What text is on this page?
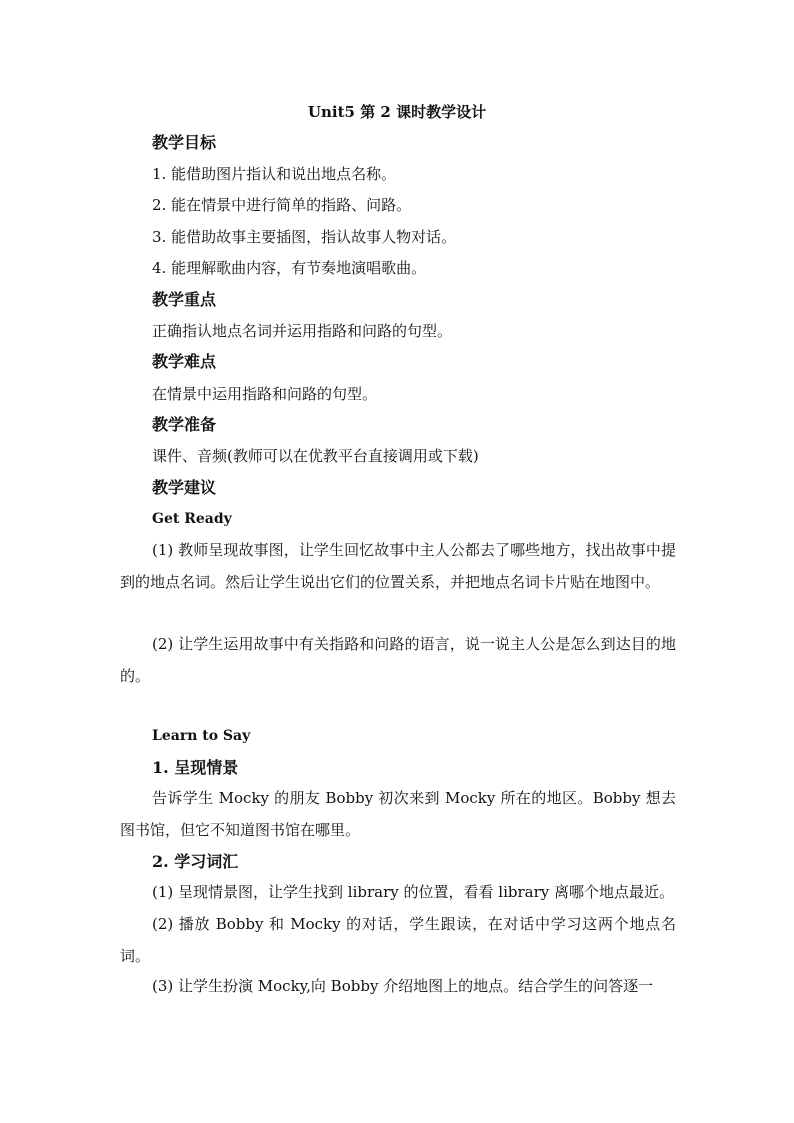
Unit5 第 2 课时教学设计
教学目标
1. 能借助图片指认和说出地点名称。
2. 能在情景中进行简单的指路、问路。
3. 能借助故事主要插图，指认故事人物对话。
4. 能理解歌曲内容，有节奏地演唱歌曲。
教学重点
正确指认地点名词并运用指路和问路的句型。
教学难点
在情景中运用指路和问路的句型。
教学准备
课件、音频(教师可以在优教平台直接调用或下载)
教学建议
Get Ready
(1) 教师呈现故事图，让学生回忆故事中主人公都去了哪些地方，找出故事中提到的地点名词。然后让学生说出它们的位置关系，并把地点名词卡片贴在地图中。
(2) 让学生运用故事中有关指路和问路的语言，说一说主人公是怎么到达目的地的。
Learn to Say
1. 呈现情景
告诉学生 Mocky 的朋友 Bobby 初次来到 Mocky 所在的地区。Bobby 想去图书馆，但它不知道图书馆在哪里。
2. 学习词汇
(1) 呈现情景图，让学生找到 library 的位置，看看 library 离哪个地点最近。
(2) 播放 Bobby 和 Mocky 的对话，学生跟读，在对话中学习这两个地点名词。
(3) 让学生扮演 Mocky,向 Bobby 介绍地图上的地点。结合学生的问答逐一
